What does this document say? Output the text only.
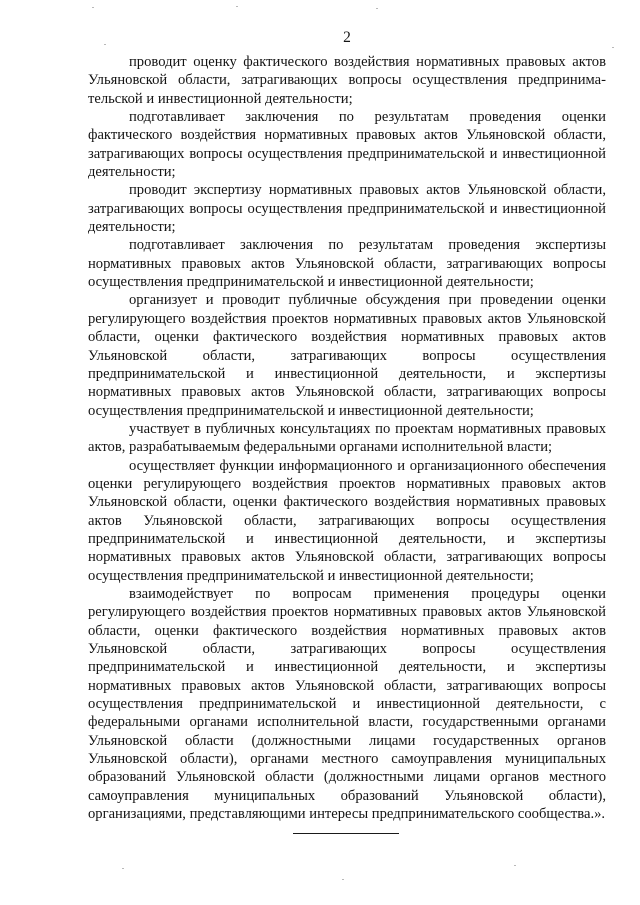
2

проводит оценку фактического воздействия нормативных правовых актов Ульяновской области, затрагивающих вопросы осуществления предпринимательской и инвестиционной деятельности;

подготавливает заключения по результатам проведения оценки фактического воздействия нормативных правовых актов Ульяновской области, затрагивающих вопросы осуществления предпринимательской и инвестиционной деятельности;

проводит экспертизу нормативных правовых актов Ульяновской области, затрагивающих вопросы осуществления предпринимательской и инвестиционной деятельности;

подготавливает заключения по результатам проведения экспертизы нормативных правовых актов Ульяновской области, затрагивающих вопросы осуществления предпринимательской и инвестиционной деятельности;

организует и проводит публичные обсуждения при проведении оценки регулирующего воздействия проектов нормативных правовых актов Ульяновской области, оценки фактического воздействия нормативных правовых актов Ульяновской области, затрагивающих вопросы осуществления предпринимательской и инвестиционной деятельности, и экспертизы нормативных правовых актов Ульяновской области, затрагивающих вопросы осуществления предпринимательской и инвестиционной деятельности;

участвует в публичных консультациях по проектам нормативных правовых актов, разрабатываемым федеральными органами исполнительной власти;

осуществляет функции информационного и организационного обеспечения оценки регулирующего воздействия проектов нормативных правовых актов Ульяновской области, оценки фактического воздействия нормативных правовых актов Ульяновской области, затрагивающих вопросы осуществления предпринимательской и инвестиционной деятельности, и экспертизы нормативных правовых актов Ульяновской области, затрагивающих вопросы осуществления предпринимательской и инвестиционной деятельности;

взаимодействует по вопросам применения процедуры оценки регулирующего воздействия проектов нормативных правовых актов Ульяновской области, оценки фактического воздействия нормативных правовых актов Ульяновской области, затрагивающих вопросы осуществления предпринимательской и инвестиционной деятельности, и экспертизы нормативных правовых актов Ульяновской области, затрагивающих вопросы осуществления предпринимательской и инвестиционной деятельности, с федеральными органами исполнительной власти, государственными органами Ульяновской области (должностными лицами государственных органов Ульяновской области), органами местного самоуправления муниципальных образований Ульяновской области (должностными лицами органов местного самоуправления муниципальных образований Ульяновской области), организациями, представляющими интересы предпринимательского сообщества.».
